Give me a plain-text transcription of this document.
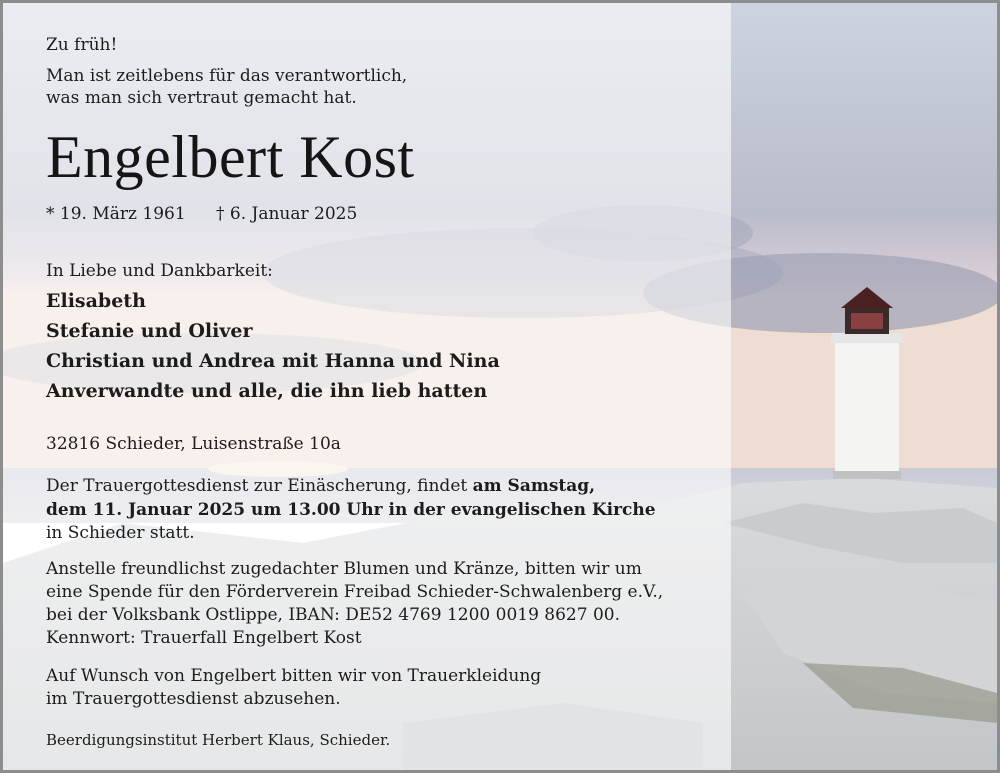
Zu früh!
Man ist zeitlebens für das verantwortlich,
was man sich vertraut gemacht hat.
Engelbert Kost
* 19. März 1961 † 6. Januar 2025
In Liebe und Dankbarkeit:
Elisabeth
Stefanie und Oliver
Christian und Andrea mit Hanna und Nina
Anverwandte und alle, die ihn lieb hatten
32816 Schieder, Luisenstraße 10a
Der Trauergottesdienst zur Einäscherung, findet am Samstag,
dem 11. Januar 2025 um 13.00 Uhr in der evangelischen Kirche
in Schieder statt.
Anstelle freundlichst zugedachter Blumen und Kränze, bitten wir um
eine Spende für den Förderverein Freibad Schieder-Schwalenberg e.V.,
bei der Volksbank Ostlippe, IBAN: DE52 4769 1200 0019 8627 00.
Kennwort: Trauerfall Engelbert Kost
Auf Wunsch von Engelbert bitten wir von Trauerkleidung
im Trauergottesdienst abzusehen.
Beerdigungsinstitut Herbert Klaus, Schieder.
